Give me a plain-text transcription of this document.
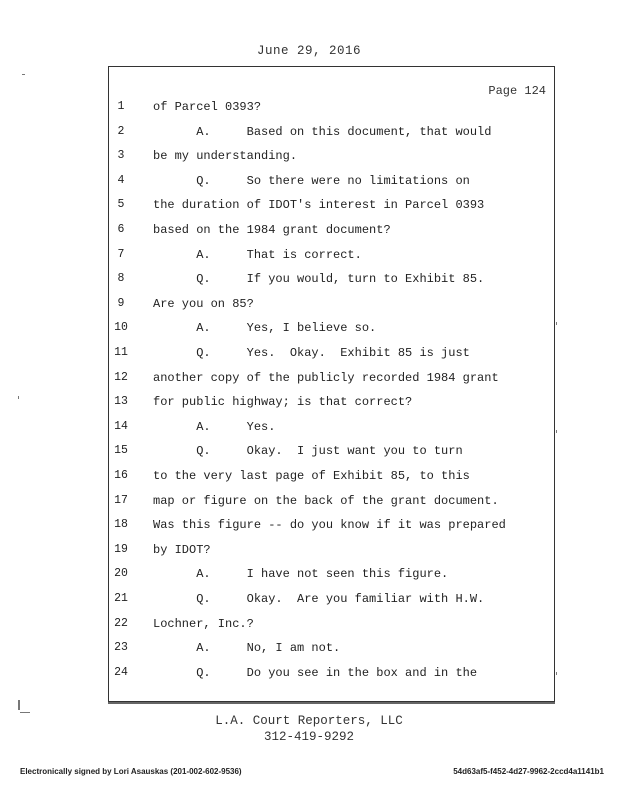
June 29, 2016
Page 124
1	of Parcel 0393?
2	A.     Based on this document, that would
3	be my understanding.
4	Q.     So there were no limitations on
5	the duration of IDOT's interest in Parcel 0393
6	based on the 1984 grant document?
7	A.     That is correct.
8	Q.     If you would, turn to Exhibit 85.
9	Are you on 85?
10 A.     Yes, I believe so.
11 Q.     Yes.  Okay.  Exhibit 85 is just
12 another copy of the publicly recorded 1984 grant
13 for public highway; is that correct?
14 A.     Yes.
15 Q.     Okay.  I just want you to turn
16 to the very last page of Exhibit 85, to this
17 map or figure on the back of the grant document.
18 Was this figure -- do you know if it was prepared
19 by IDOT?
20 A.     I have not seen this figure.
21 Q.     Okay.  Are you familiar with H.W.
22 Lochner, Inc.?
23 A.     No, I am not.
24 Q.     Do you see in the box and in the
L.A. Court Reporters, LLC
312-419-9292
Electronically signed by Lori Asauskas (201-002-602-9536)	54d63af5-f452-4d27-9962-2ccd4a1141b1
